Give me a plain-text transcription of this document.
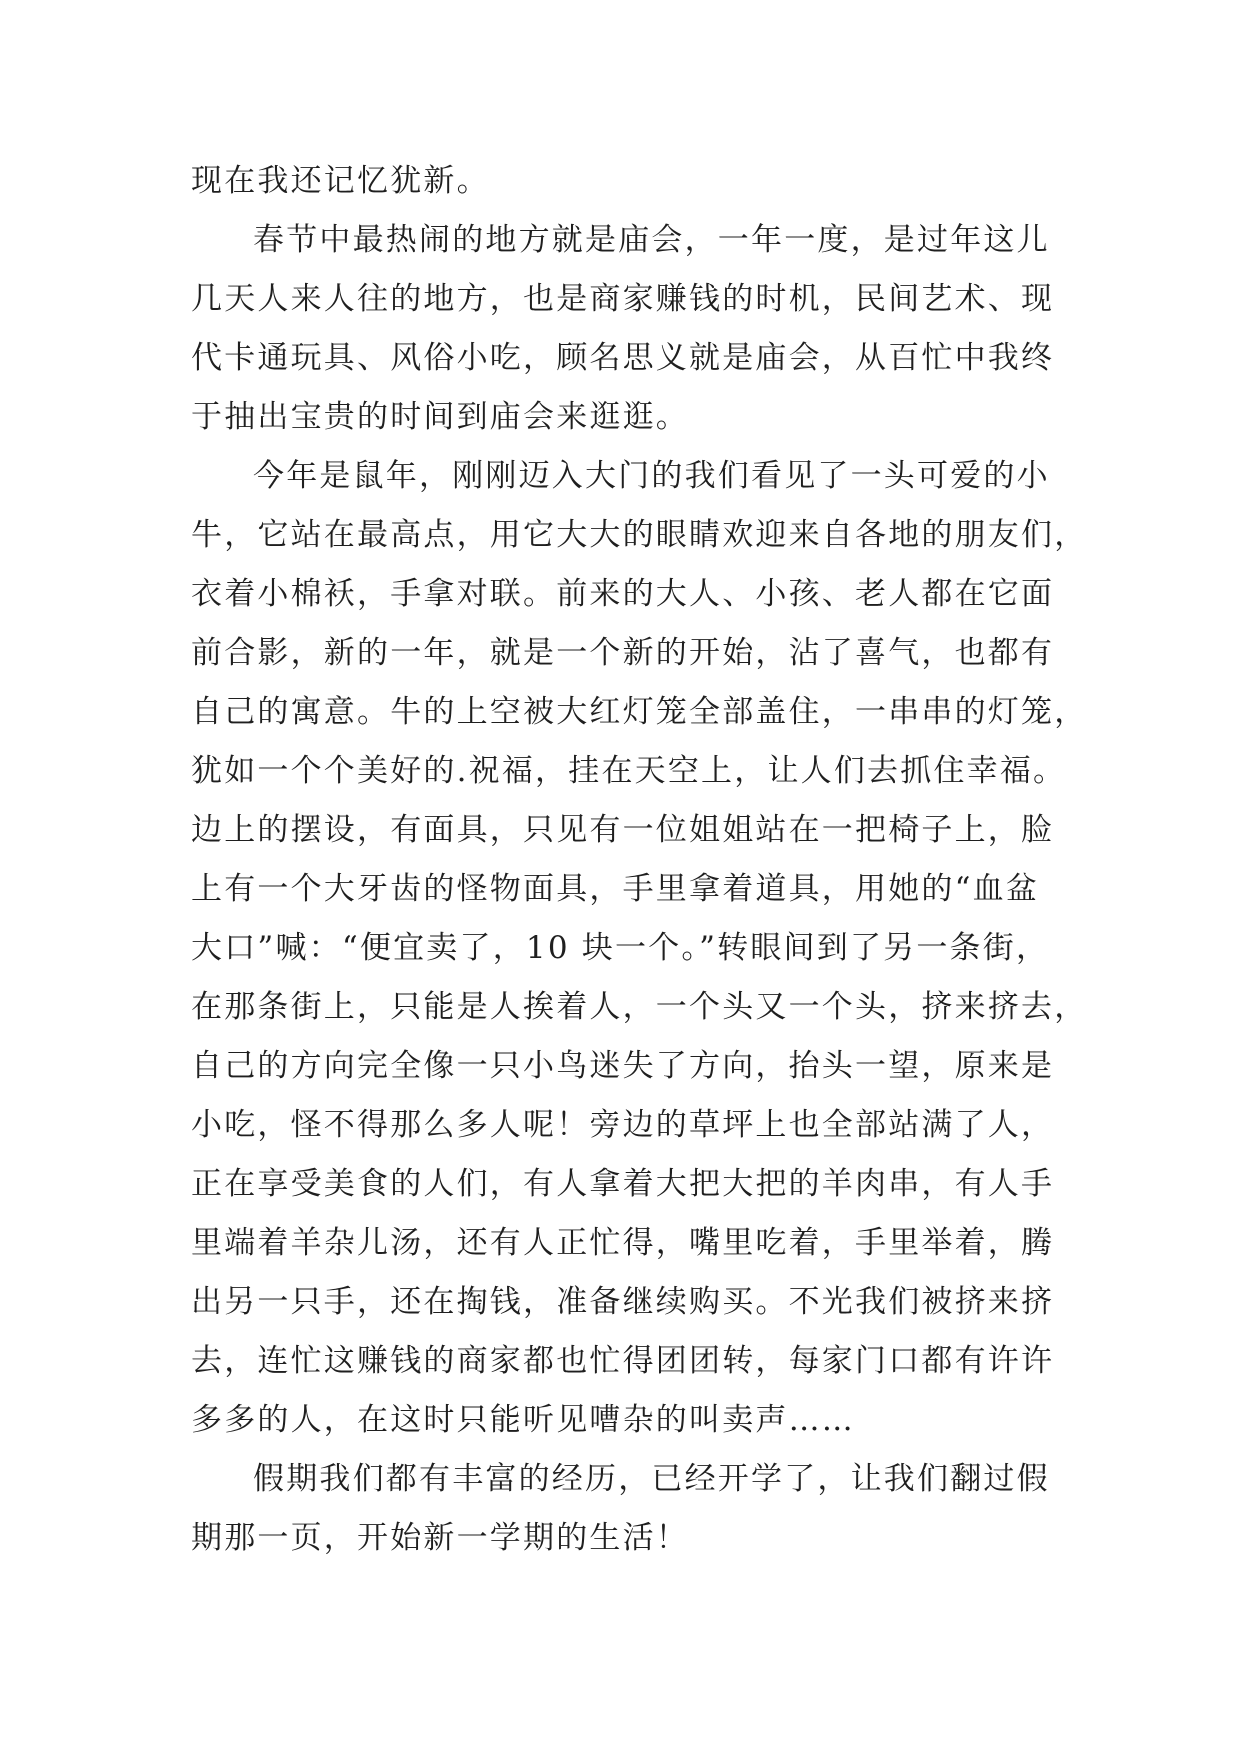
现在我还记忆犹新。
春节中最热闹的地方就是庙会，一年一度，是过年这儿
几天人来人往的地方，也是商家赚钱的时机，民间艺术、现
代卡通玩具、风俗小吃，顾名思义就是庙会，从百忙中我终
于抽出宝贵的时间到庙会来逛逛。
今年是鼠年，刚刚迈入大门的我们看见了一头可爱的小
牛，它站在最高点，用它大大的眼睛欢迎来自各地的朋友们，
衣着小棉袄，手拿对联。前来的大人、小孩、老人都在它面
前合影，新的一年，就是一个新的开始，沾了喜气，也都有
自己的寓意。牛的上空被大红灯笼全部盖住，一串串的灯笼，
犹如一个个美好的.祝福，挂在天空上，让人们去抓住幸福。
边上的摆设，有面具，只见有一位姐姐站在一把椅子上，脸
上有一个大牙齿的怪物面具，手里拿着道具，用她的“血盆
大口”喊：“便宜卖了，10 块一个。”转眼间到了另一条街，
在那条街上，只能是人挨着人，一个头又一个头，挤来挤去，
自己的方向完全像一只小鸟迷失了方向，抬头一望，原来是
小吃，怪不得那么多人呢！旁边的草坪上也全部站满了人，
正在享受美食的人们，有人拿着大把大把的羊肉串，有人手
里端着羊杂儿汤，还有人正忙得，嘴里吃着，手里举着，腾
出另一只手，还在掏钱，准备继续购买。不光我们被挤来挤
去，连忙这赚钱的商家都也忙得团团转，每家门口都有许许
多多的人，在这时只能听见嘈杂的叫卖声……
假期我们都有丰富的经历，已经开学了，让我们翻过假
期那一页，开始新一学期的生活！
